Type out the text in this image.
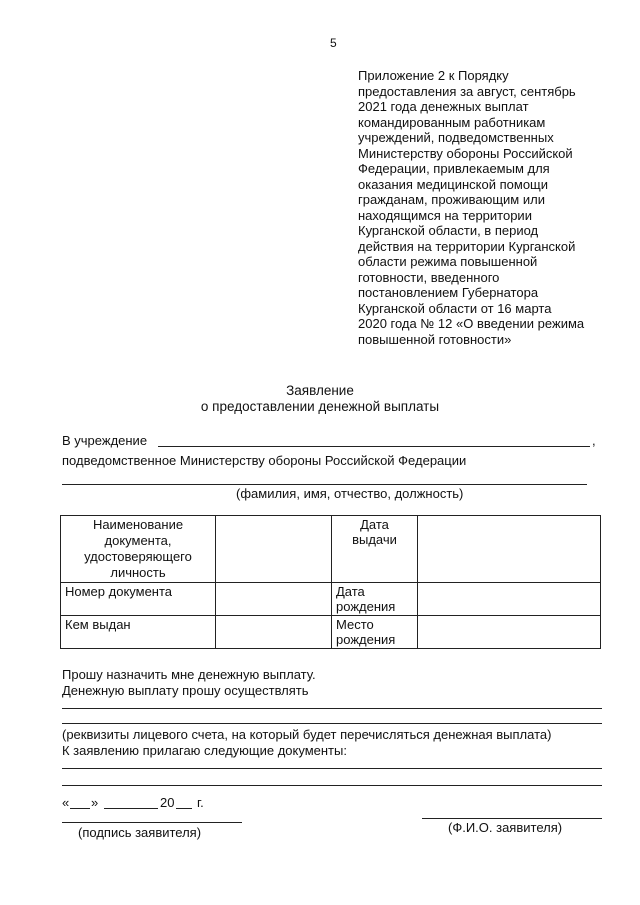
5
Приложение 2 к Порядку
предоставления за август, сентябрь
2021 года денежных выплат
командированным работникам
учреждений, подведомственных
Министерству обороны Российской
Федерации, привлекаемым для
оказания медицинской помощи
гражданам, проживающим или
находящимся на территории
Курганской области, в период
действия на территории Курганской
области режима повышенной
готовности, введенного
постановлением Губернатора
Курганской области от 16 марта
2020 года № 12 «О введении режима
повышенной готовности»
Заявление
о предоставлении денежной выплаты
В учреждение	,
подведомственное Министерству обороны Российской Федерации
(фамилия, имя, отчество, должность)
Наименование документа, удостоверяющего личность		Дата выдачи	
Номер документа		Дата рождения	
Кем выдан		Место рождения	
Прошу назначить мне денежную выплату.
Денежную выплату прошу осуществлять
(реквизиты лицевого счета, на который будет перечисляться денежная выплата)
К заявлению прилагаю следующие документы:
« »	20 г.
(подпись заявителя)	(Ф.И.О. заявителя)
